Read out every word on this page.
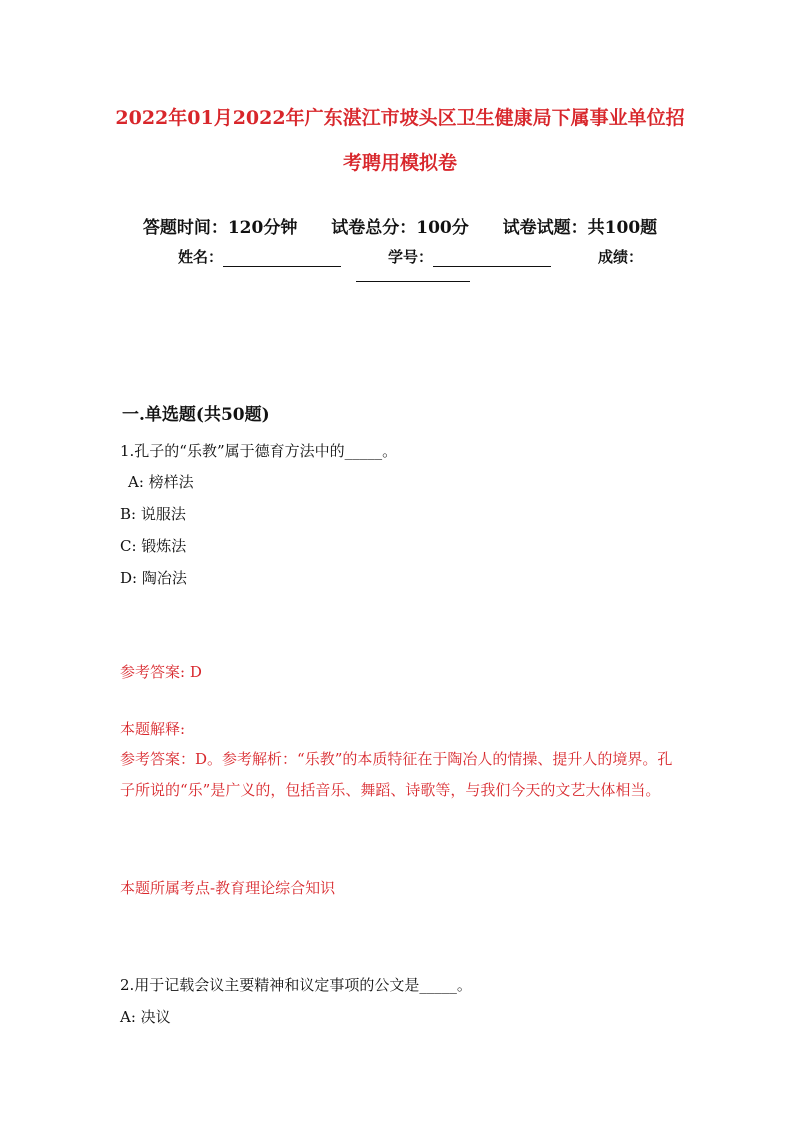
2022年01月2022年广东湛江市坡头区卫生健康局下属事业单位招
考聘用模拟卷
答题时间：120分钟 试卷总分：100分 试卷试题：共100题
姓名：	学号：	成绩：
一.单选题(共50题)
1.孔子的“乐教”属于德育方法中的_____。
A: 榜样法
B: 说服法
C: 锻炼法
D: 陶冶法
参考答案: D
本题解释:
参考答案：D。参考解析：“乐教”的本质特征在于陶冶人的情操、提升人的境界。孔子所说的“乐”是广义的，包括音乐、舞蹈、诗歌等，与我们今天的文艺大体相当。
本题所属考点-教育理论综合知识
2.用于记载会议主要精神和议定事项的公文是_____。
A: 决议
